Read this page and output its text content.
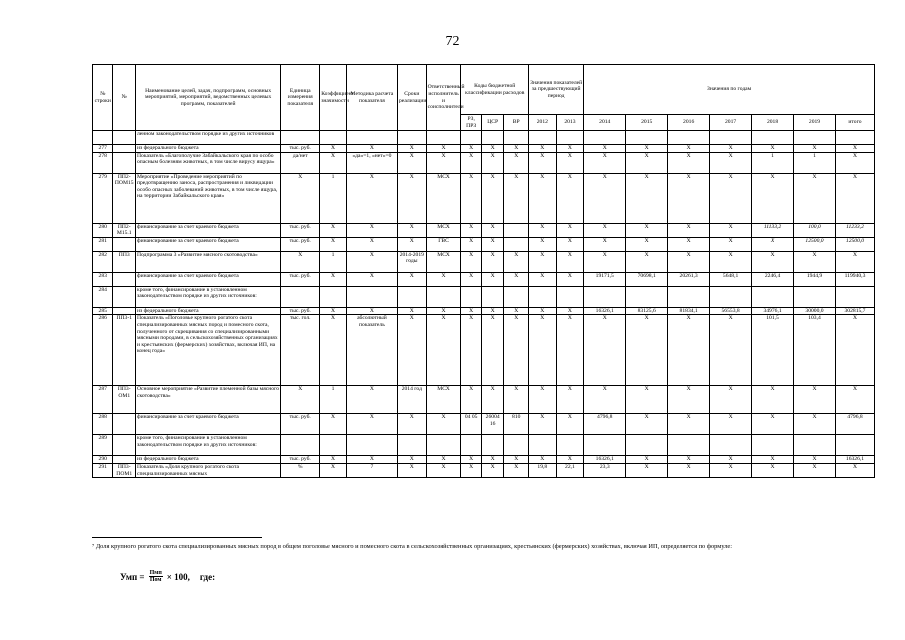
72
№ строки	№	Наименование целей, задач, подпрограмм, основных мероприятий, мероприятий, ведомственных целевых программ, показателей	Единица измерения показателя	Коэффициент значимости	Методика расчета показателя	Сроки реализации	Ответственный исполнитель и соисполнители	Коды бюджетной классификации расходов			Значения показателей за предшествующий период		Значения по годам						
								РЗ, ПРЗ	ЦСР	ВР	2012	2013	2014	2015	2016	2017	2018	2019	итого
		ленном законодательством порядке из других источников																	
277		из федерального бюджета	тыс. руб.	X	X	X	X	X	X	X	X	X	X	X	X	X	X	X	X
278		Показатель «Благополучие Забайкальского края по особо опасным болезням животных, в том числе вирусу ящура»	да/нет	X	«да»=1, «нет»=0	X	X	X	X	X	X	X	X	X	X	X	1	1	X
279	ПП2-ПОМ15	Мероприятие «Проведение мероприятий по предотвращению заноса, распространения и ликвидации особо опасных заболеваний животных, в том числе ящура, на территории Забайкальского края»	X	1	X	X	МСХ	X	X	X	X	X	X	X	X	X	X	X	X
280	ПП2-М15.1	финансирование за счет краевого бюджета	тыс. руб.	X	X	X	МСХ	X	X		X	X	X	X	X	X	11133,2	100,0	11233,2
281		финансирование за счет краевого бюджета	тыс. руб.	X	X	X	ГВС	X	X		X	X	X	X	X	X	X	12500,0	12500,0
282	ПП3	Подпрограмма 3 «Развитие мясного скотоводства»	X	1	X	2014-2019 годы	МСХ	X	X	X	X	X	X	X	X	X	X	X	X
283		финансирование за счет краевого бюджета	тыс. руб.	X	X	X	X	X	X	X	X	X	19171,5	70698,1	20261,3	5648,1	2246,4	1944,9	119940,3
284		кроме того, финансирование в установленном законодательством порядке из других источников:																	
285		из федерального бюджета	тыс. руб.	X	X	X	X	X	X	X	X	X	16326,1	83125,6	81834,1	56553,8	34976,1	30000,0	302815,7
286	ПП3-1	Показатель «Поголовье крупного рогатого скота специализированных мясных пород и помесного скота, полученного от скрещивания со специализированными мясными породами, в сельскохозяйственных организациях и крестьянских (фермерских) хозяйствах, включая ИП, на конец года»	тыс. гол.	X	абсолютный показатель	X	X	X	X	X	X	X	X	X	X	X	101,5	103,4	X
287	ПП3-ОМ1	Основное мероприятие «Развитие племенной базы мясного скотоводства»	X	1	X	2014 год	МСХ	X	X	X	X	X	X	X	X	X	X	X	X
288		финансирование за счет краевого бюджета	тыс. руб.	X	X	X	X	04 05	26004 16	810	X	X	4796,8	X	X	X	X	X	4796,8
289		кроме того, финансирование в установленном законодательством порядке из других источников:																	
290		из федерального бюджета	тыс. руб.	X	X	X	X	X	X	X	X	X	16326,1	X	X	X	X	X	16326,1
291	ПП3-ПОМ1	Показатель «Доля крупного рогатого скота специализированных мясных	%	X	7	X	X	X	X	X	19,8	22,1	23,3	X	X	X	X	X	X
⁷ Доля крупного рогатого скота специализированных мясных пород в общем поголовье мясного и помесного скота в сельскохозяйственных организациях, крестьянских (фермерских) хозяйствах, включая ИП, определяется по формуле:
Умп = $\frac{\text{Пмп}}{\text{Пом}} \times 100$, где:
